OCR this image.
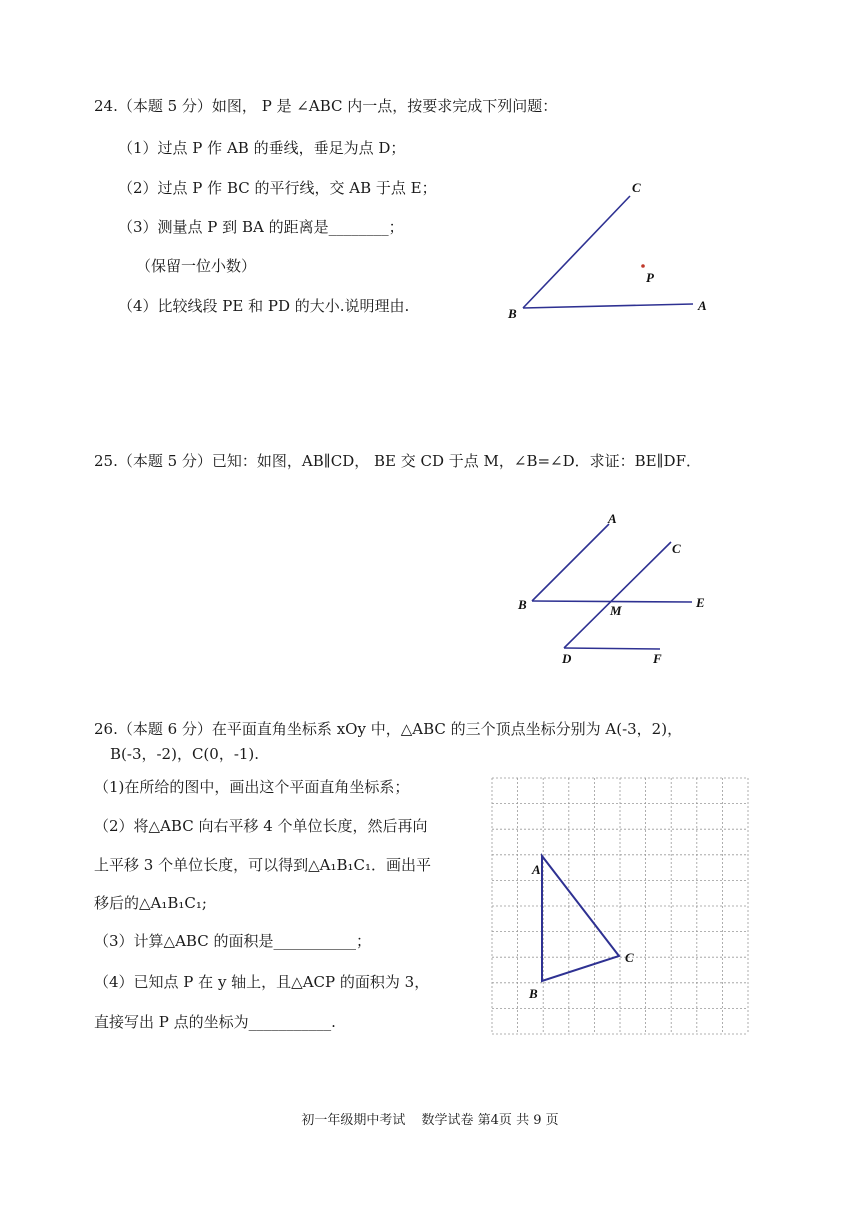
24.（本题 5 分）如图， P 是 ∠ABC 内一点，按要求完成下列问题：
（1）过点 P 作 AB 的垂线，垂足为点 D；
（2）过点 P 作 BC 的平行线，交 AB 于点 E；
（3）测量点 P 到 BA 的距离是________；
（保留一位小数）
（4）比较线段 PE 和 PD 的大小.说明理由.
C
P
B
A
25.（本题 5 分）已知：如图，AB∥CD， BE 交 CD 于点 M，∠B=∠D．求证：BE∥DF．
A
C
B	M
E
D	F
26.（本题 6 分）在平面直角坐标系 xOy 中，△ABC 的三个顶点坐标分别为 A(-3，2)，
B(-3，-2)，C(0，-1).
（1)在所给的图中，画出这个平面直角坐标系；
（2）将△ABC 向右平移 4 个单位长度，然后再向
上平移 3 个单位长度，可以得到△A₁B₁C₁．画出平
移后的△A₁B₁C₁;
（3）计算△ABC 的面积是___________；
（4）已知点 P 在 y 轴上，且△ACP 的面积为 3，
直接写出 P 点的坐标为___________.
A
B
C
初一年级期中考试 数学试卷 第4页 共 9 页
